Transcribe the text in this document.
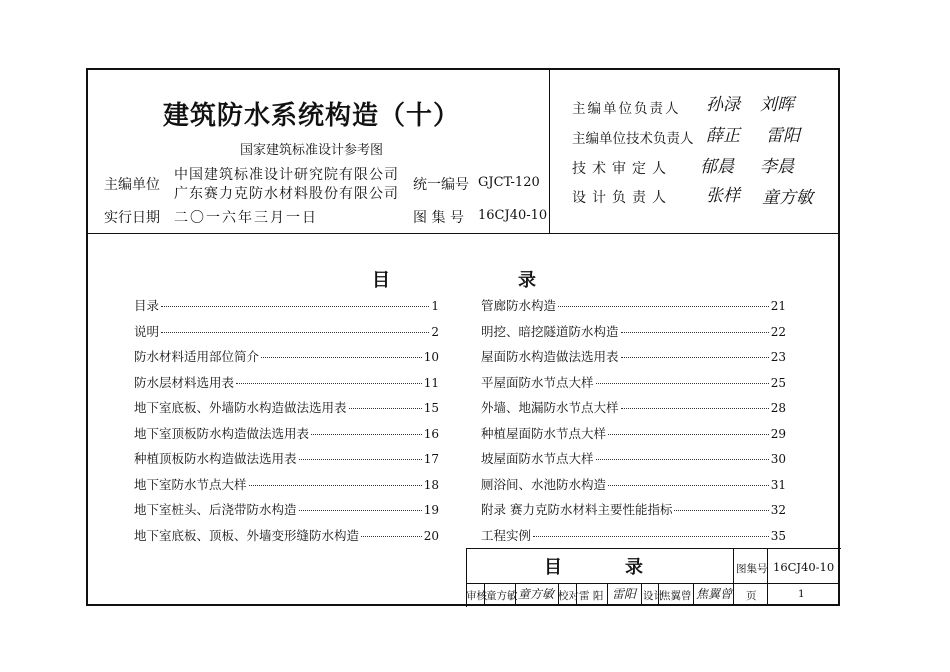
建筑防水系统构造（十）
国家建筑标准设计参考图
主编单位
中国建筑标准设计研究院有限公司
广东赛力克防水材料股份有限公司
统一编号 GJCT-120
实行日期 二〇一六年三月一日	图 集 号 16CJ40-10
主编单位负责人 孙渌 刘晖
主编单位技术负责人 薛正 雷阳
技术审定人 郁晨 李晨
设计负责人 张样 童方敏
目	录
目录	1
说明	2
防水材料适用部位简介	10
防水层材料选用表	11
地下室底板、外墙防水构造做法选用表	15
地下室顶板防水构造做法选用表	16
种植顶板防水构造做法选用表	17
地下室防水节点大样	18
地下室桩头、后浇带防水构造	19
地下室底板、顶板、外墙变形缝防水构造	20
管廊防水构造	21
明挖、暗挖隧道防水构造	22
屋面防水构造做法选用表	23
平屋面防水节点大样	25
外墙、地漏防水节点大样	28
种植屋面防水节点大样	29
坡屋面防水节点大样	30
厕浴间、水池防水构造	31
附录 赛力克防水材料主要性能指标	32
工程实例	35
目	录	图集号 16CJ40-10
审核 童方敏 童方敏 校对 雷 阳 雷阳 设计
焦翼曾 焦翼曾 页	1
